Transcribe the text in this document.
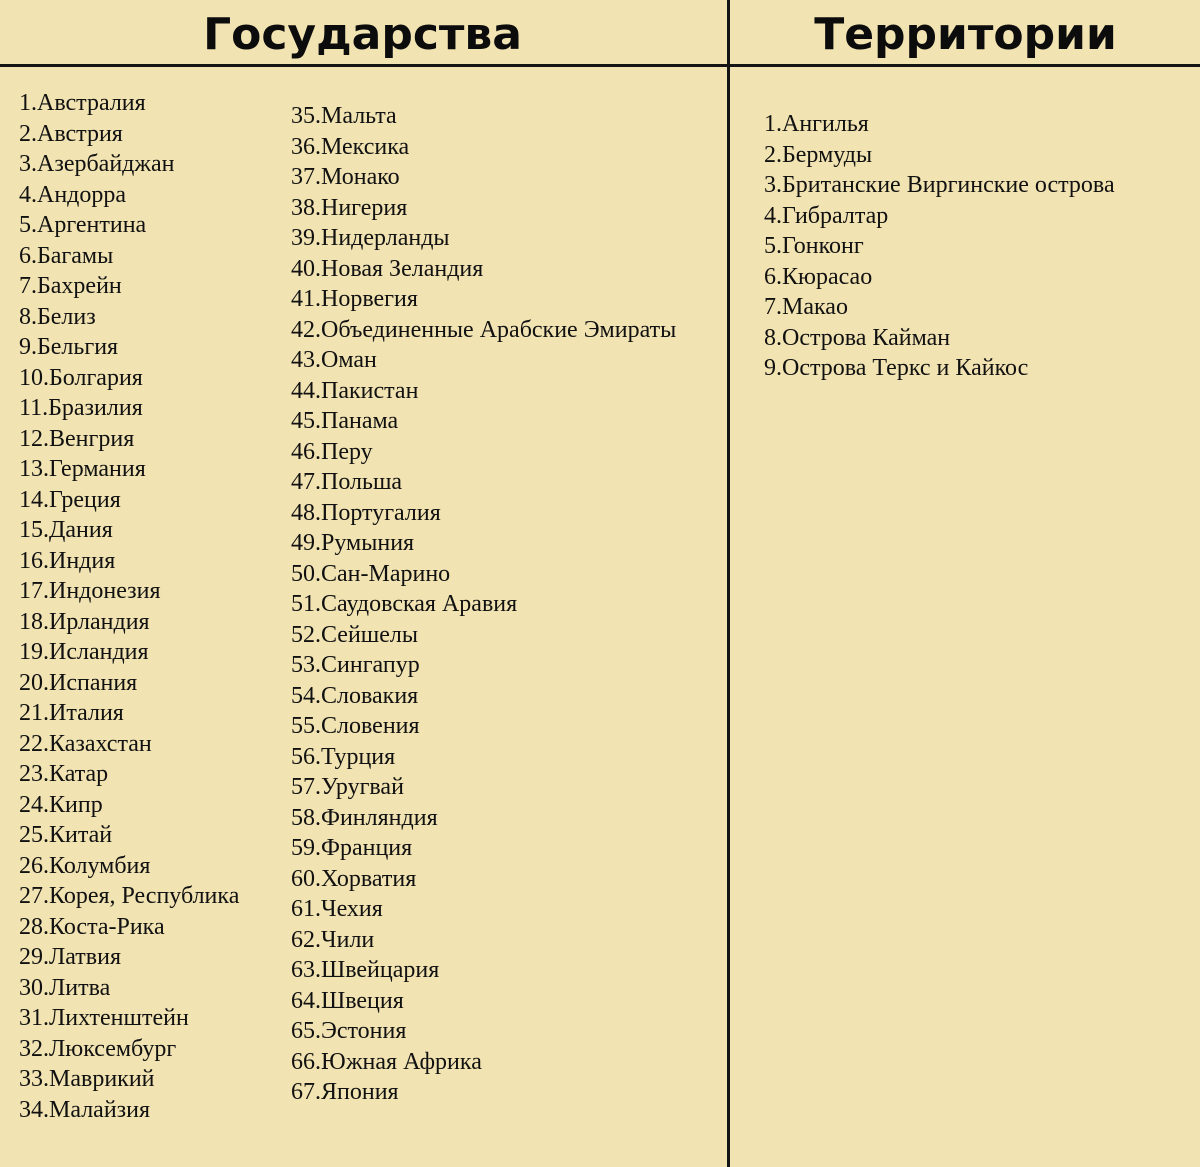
Государства	Территории
1.Австралия
2.Австрия
3.Азербайджан
4.Андорра
5.Аргентина
6.Багамы
7.Бахрейн
8.Белиз
9.Бельгия
10.Болгария
11.Бразилия
12.Венгрия
13.Германия
14.Греция
15.Дания
16.Индия
17.Индонезия
18.Ирландия
19.Исландия
20.Испания
21.Италия
22.Казахстан
23.Катар
24.Кипр
25.Китай
26.Колумбия
27.Корея, Республика
28.Коста-Рика
29.Латвия
30.Литва
31.Лихтенштейн
32.Люксембург
33.Маврикий
34.Малайзия
35.Мальта
36.Мексика
37.Монако
38.Нигерия
39.Нидерланды
40.Новая Зеландия
41.Норвегия
42.Объединенные Арабские Эмираты
43.Оман
44.Пакистан
45.Панама
46.Перу
47.Польша
48.Португалия
49.Румыния
50.Сан-Марино
51.Саудовская Аравия
52.Сейшелы
53.Сингапур
54.Словакия
55.Словения
56.Турция
57.Уругвай
58.Финляндия
59.Франция
60.Хорватия
61.Чехия
62.Чили
63.Швейцария
64.Швеция
65.Эстония
66.Южная Африка
67.Япония
1.Ангилья
2.Бермуды
3.Британские Виргинские острова
4.Гибралтар
5.Гонконг
6.Кюрасао
7.Макао
8.Острова Кайман
9.Острова Теркс и Кайкос
